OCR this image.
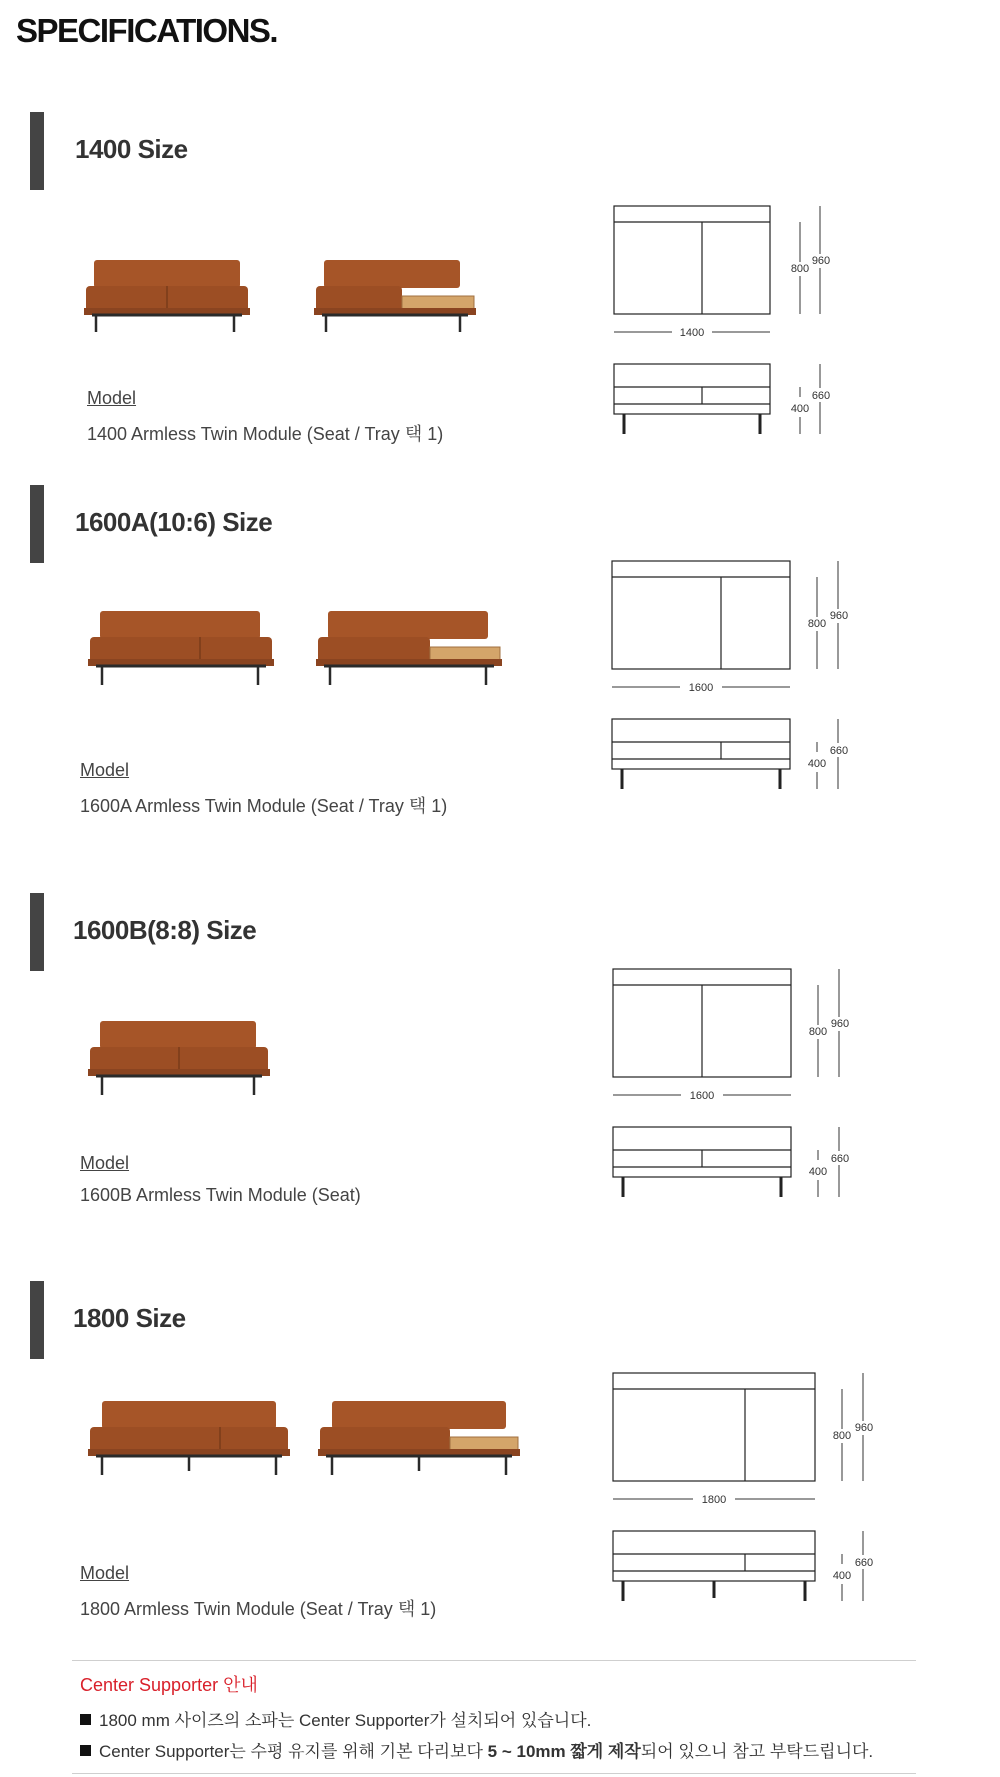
SPECIFICATIONS.
1400 Size
Model
1400 Armless Twin Module (Seat / Tray 택 1)
1400
800
960
400
660
1600A(10:6) Size
Model
1600A Armless Twin Module (Seat / Tray 택 1)
1600
800
960
400
660
1600B(8:8) Size
Model
1600B Armless Twin Module (Seat)
1600
800
960
400
660
1800 Size
Model
1800 Armless Twin Module (Seat / Tray 택 1)
1800
800
960
400
660
Center Supporter 안내
1800 mm 사이즈의 소파는 Center Supporter가 설치되어 있습니다.
Center Supporter는 수평 유지를 위해 기본 다리보다 5 ~ 10mm 짧게 제작되어 있으니 참고 부탁드립니다.
